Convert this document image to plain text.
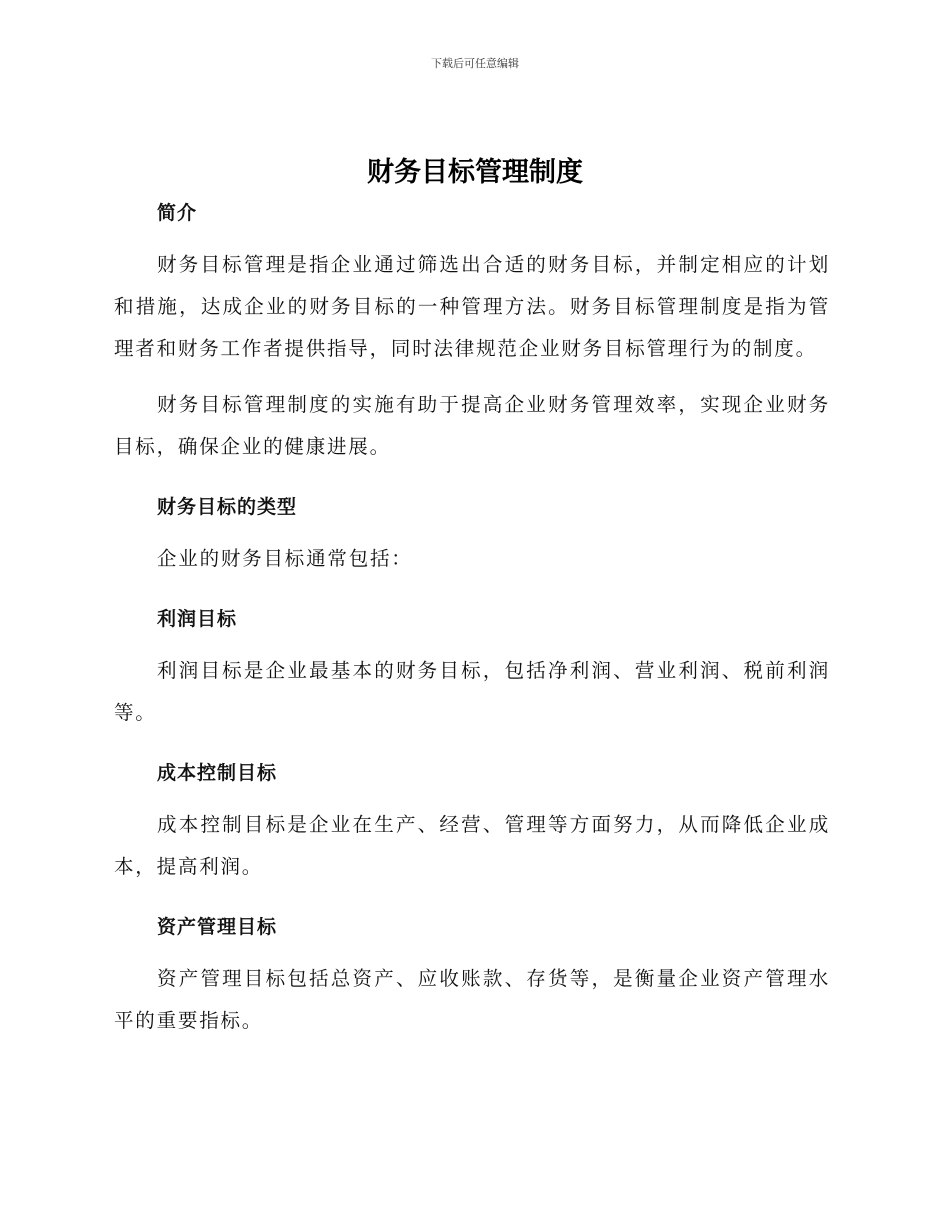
下载后可任意编辑
财务目标管理制度
简介

财务目标管理是指企业通过筛选出合适的财务目标，并制定相应的计划和措施，达成企业的财务目标的一种管理方法。财务目标管理制度是指为管理者和财务工作者提供指导，同时法律规范企业财务目标管理行为的制度。

财务目标管理制度的实施有助于提高企业财务管理效率，实现企业财务目标，确保企业的健康进展。

财务目标的类型

企业的财务目标通常包括：

利润目标

利润目标是企业最基本的财务目标，包括净利润、营业利润、税前利润等。

成本控制目标

成本控制目标是企业在生产、经营、管理等方面努力，从而降低企业成本，提高利润。

资产管理目标

资产管理目标包括总资产、应收账款、存货等，是衡量企业资产管理水平的重要指标。
